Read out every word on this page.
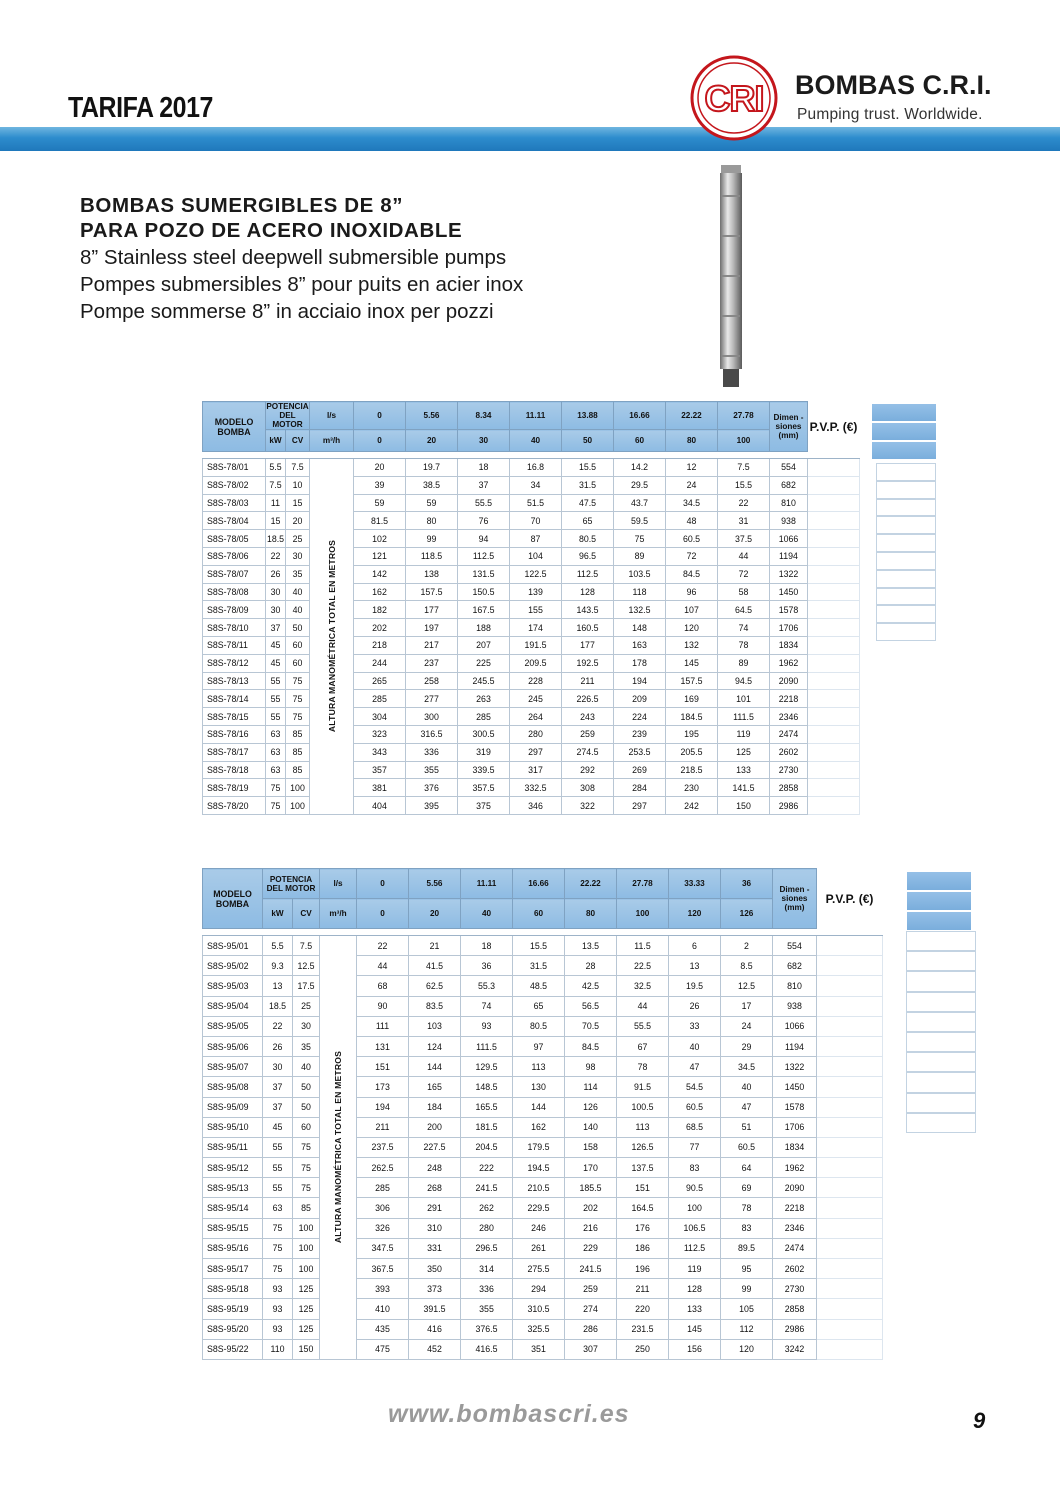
TARIFA 2017	CRI BOMBAS C.R.I.
Pumping trust. Worldwide.
BOMBAS SUMERGIBLES DE 8”
PARA POZO DE ACERO INOXIDABLE
8” Stainless steel deepwell submersible pumps
Pompes submersibles 8” pour puits en acier inox
Pompe sommerse 8” in acciaio inox per pozzi
MODELO BOMBA	POTENCIA DEL MOTOR		l/s	0	5.56	8.34	11.11	13.88	16.66	22.22	27.78	Dimen -siones (mm)	P.V.P. (€)
	kW	CV	m³/h	0	20	30	40	50	60	80	100		

S8S-78/01	5.5	7.5	ALTURA MANOMÉTRICA TOTAL EN METROS	20	19.7	18	16.8	15.5	14.2	12	7.5	554	
S8S-78/02	7.5	10		39	38.5	37	34	31.5	29.5	24	15.5	682	
S8S-78/03	11	15		59	59	55.5	51.5	47.5	43.7	34.5	22	810	
S8S-78/04	15	20		81.5	80	76	70	65	59.5	48	31	938	
S8S-78/05	18.5	25		102	99	94	87	80.5	75	60.5	37.5	1066	
S8S-78/06	22	30		121	118.5	112.5	104	96.5	89	72	44	1194	
S8S-78/07	26	35		142	138	131.5	122.5	112.5	103.5	84.5	72	1322	
S8S-78/08	30	40		162	157.5	150.5	139	128	118	96	58	1450	
S8S-78/09	30	40		182	177	167.5	155	143.5	132.5	107	64.5	1578	
S8S-78/10	37	50		202	197	188	174	160.5	148	120	74	1706	
S8S-78/11	45	60		218	217	207	191.5	177	163	132	78	1834	
S8S-78/12	45	60		244	237	225	209.5	192.5	178	145	89	1962	
S8S-78/13	55	75		265	258	245.5	228	211	194	157.5	94.5	2090	
S8S-78/14	55	75		285	277	263	245	226.5	209	169	101	2218	
S8S-78/15	55	75		304	300	285	264	243	224	184.5	111.5	2346	
S8S-78/16	63	85		323	316.5	300.5	280	259	239	195	119	2474	
S8S-78/17	63	85		343	336	319	297	274.5	253.5	205.5	125	2602	
S8S-78/18	63	85		357	355	339.5	317	292	269	218.5	133	2730	
S8S-78/19	75	100		381	376	357.5	332.5	308	284	230	141.5	2858	
S8S-78/20	75	100		404	395	375	346	322	297	242	150	2986	
MODELO BOMBA	POTENCIA DEL MOTOR		l/s	0	5.56	11.11	16.66	22.22	27.78	33.33	36	Dimen -siones (mm)	P.V.P. (€)
	kW	CV	m³/h	0	20	40	60	80	100	120	126		

S8S-95/01	5.5	7.5	ALTURA MANOMÉTRICA TOTAL EN METROS	22	21	18	15.5	13.5	11.5	6	2	554	
S8S-95/02	9.3	12.5		44	41.5	36	31.5	28	22.5	13	8.5	682	
S8S-95/03	13	17.5		68	62.5	55.3	48.5	42.5	32.5	19.5	12.5	810	
S8S-95/04	18.5	25		90	83.5	74	65	56.5	44	26	17	938	
S8S-95/05	22	30		111	103	93	80.5	70.5	55.5	33	24	1066	
S8S-95/06	26	35		131	124	111.5	97	84.5	67	40	29	1194	
S8S-95/07	30	40		151	144	129.5	113	98	78	47	34.5	1322	
S8S-95/08	37	50		173	165	148.5	130	114	91.5	54.5	40	1450	
S8S-95/09	37	50		194	184	165.5	144	126	100.5	60.5	47	1578	
S8S-95/10	45	60		211	200	181.5	162	140	113	68.5	51	1706	
S8S-95/11	55	75		237.5	227.5	204.5	179.5	158	126.5	77	60.5	1834	
S8S-95/12	55	75		262.5	248	222	194.5	170	137.5	83	64	1962	
S8S-95/13	55	75		285	268	241.5	210.5	185.5	151	90.5	69	2090	
S8S-95/14	63	85		306	291	262	229.5	202	164.5	100	78	2218	
S8S-95/15	75	100		326	310	280	246	216	176	106.5	83	2346	
S8S-95/16	75	100		347.5	331	296.5	261	229	186	112.5	89.5	2474	
S8S-95/17	75	100		367.5	350	314	275.5	241.5	196	119	95	2602	
S8S-95/18	93	125		393	373	336	294	259	211	128	99	2730	
S8S-95/19	93	125		410	391.5	355	310.5	274	220	133	105	2858	
S8S-95/20	93	125		435	416	376.5	325.5	286	231.5	145	112	2986	
S8S-95/22	110	150		475	452	416.5	351	307	250	156	120	3242	
www.bombascri.es	9
